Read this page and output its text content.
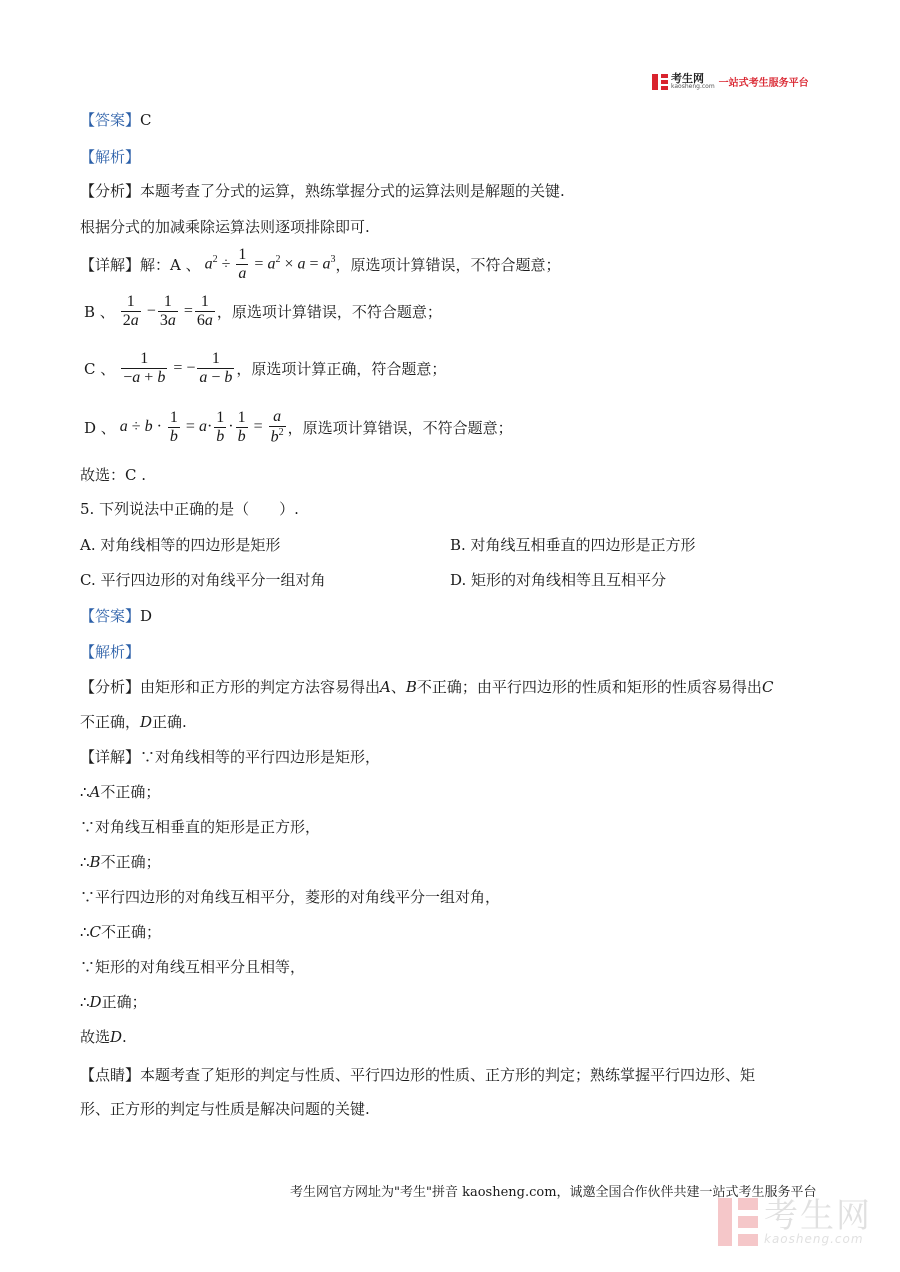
考生网
kaosheng.com 一站式考生服务平台
【答案】C
【解析】
【分析】本题考查了分式的运算，熟练掌握分式的运算法则是解题的关键.
根据分式的加减乘除运算法则逐项排除即可.
【详解】 解：A 、 $a^2 \div \frac{1}{a} = a^2 \times a = a^3$ ，原选项计算错误，不符合题意；
B 、
$\frac{1}{2a} - \frac{1}{3a} = \frac{1}{6a}$ ，原选项计算错误，不符合题意；
C 、
$\frac{1}{-a + b}$ = − $\frac{1}{a - b}$ ，原选项计算正确，符合题意；
D 、 $a \div b \cdot \frac{1}{b} = a\cdot \frac{1}{b} \cdot \frac{1}{b} = \frac{a}{b^2}$ ，原选项计算错误，不符合题意；
故选：C .
5. 下列说法中正确的是（　　）.
A. 对角线相等的四边形是矩形	B. 对角线互相垂直的四边形是正方形
C. 平行四边形的对角线平分一组对角	D. 矩形的对角线相等且互相平分
【答案】D
【解析】
【分析】由矩形和正方形的判定方法容易得出A、B不正确；由平行四边形的性质和矩形的性质容易得出C
不正确，D正确.
【详解】∵对角线相等的平行四边形是矩形，
∴A不正确；
∵对角线互相垂直的矩形是正方形，
∴B不正确；
∵平行四边形的对角线互相平分，菱形的对角线平分一组对角，
∴C不正确；
∵矩形的对角线互相平分且相等，
∴D正确；
故选D.
【点睛】本题考查了矩形的判定与性质、平行四边形的性质、正方形的判定；熟练掌握平行四边形、矩
形、正方形的判定与性质是解决问题的关键.
考生网官方网址为"考生"拼音 kaosheng.com，诚邀全国合作伙伴共建一站式考生服务平台
考生网
kaosheng.com
